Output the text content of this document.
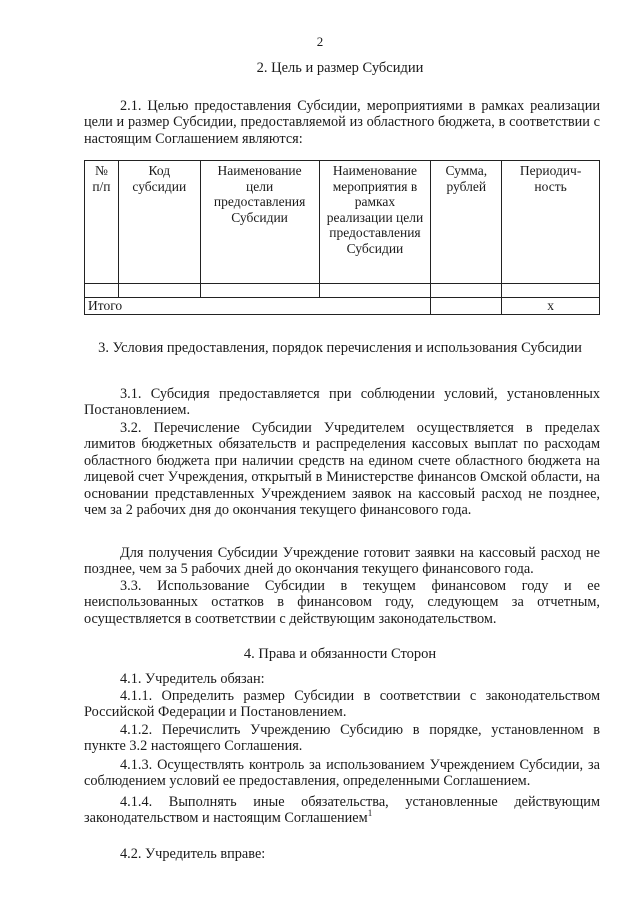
2
2. Цель и размер Субсидии
2.1. Целью предоставления Субсидии, мероприятиями в рамках реализации цели и размер Субсидии, предоставляемой из областного бюджета, в соответствии с настоящим Соглашением являются:
№ п/п	Код субсидии	Наименование цели предоставления Субсидии	Наименование мероприятия в рамках реализации цели предоставления Субсидии	Сумма, рублей	Периодич-ность

Итого					x
3. Условия предоставления, порядок перечисления и использования Субсидии
3.1. Субсидия предоставляется при соблюдении условий, установленных Постановлением.
3.2. Перечисление Субсидии Учредителем осуществляется в пределах лимитов бюджетных обязательств и распределения кассовых выплат по расходам областного бюджета при наличии средств на едином счете областного бюджета на лицевой счет Учреждения, открытый в Министерстве финансов Омской области, на основании представленных Учреждением заявок на кассовый расход не позднее, чем за 2 рабочих дня до окончания текущего финансового года.
Для получения Субсидии Учреждение готовит заявки на кассовый расход не позднее, чем за 5 рабочих дней до окончания текущего финансового года.
3.3. Использование Субсидии в текущем финансовом году и ее неиспользованных остатков в финансовом году, следующем за отчетным, осуществляется в соответствии с действующим законодательством.
4. Права и обязанности Сторон
4.1. Учредитель обязан:
4.1.1. Определить размер Субсидии в соответствии с законодательством Российской Федерации и Постановлением.
4.1.2. Перечислить Учреждению Субсидию в порядке, установленном в пункте 3.2 настоящего Соглашения.
4.1.3. Осуществлять контроль за использованием Учреждением Субсидии, за соблюдением условий ее предоставления, определенными Соглашением.
4.1.4. Выполнять иные обязательства, установленные действующим законодательством и настоящим Соглашением$^1$
4.2. Учредитель вправе:
